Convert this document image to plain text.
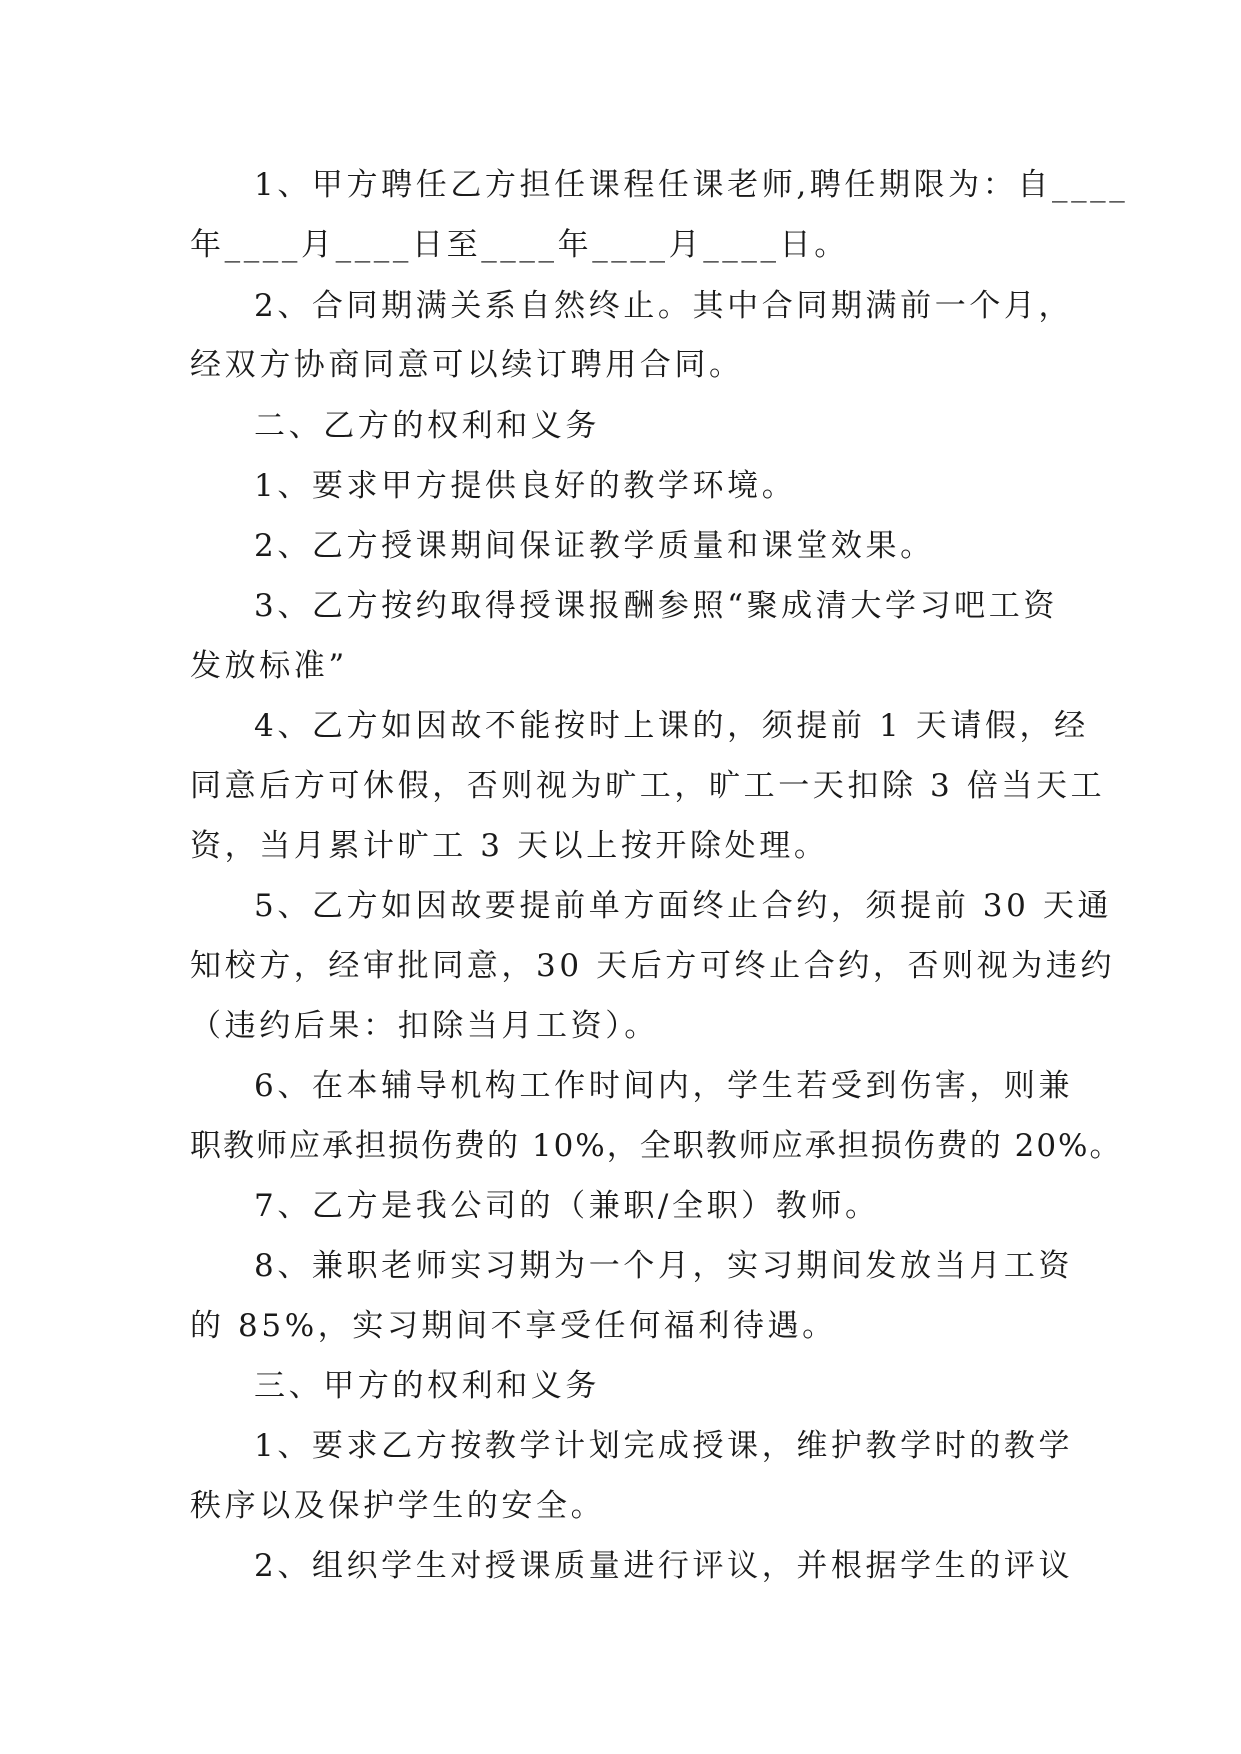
1、甲方聘任乙方担任课程任课老师,聘任期限为：自____
年____月____日至____年____月____日。
2、合同期满关系自然终止。其中合同期满前一个月，
经双方协商同意可以续订聘用合同。
二、乙方的权利和义务
1、要求甲方提供良好的教学环境。
2、乙方授课期间保证教学质量和课堂效果。
3、乙方按约取得授课报酬参照“聚成清大学习吧工资
发放标准”
4、乙方如因故不能按时上课的，须提前 1 天请假，经
同意后方可休假，否则视为旷工，旷工一天扣除 3 倍当天工
资，当月累计旷工 3 天以上按开除处理。
5、乙方如因故要提前单方面终止合约，须提前 30 天通
知校方，经审批同意，30 天后方可终止合约，否则视为违约
（违约后果：扣除当月工资）。
6、在本辅导机构工作时间内，学生若受到伤害，则兼
职教师应承担损伤费的 10%，全职教师应承担损伤费的 20%。
7、乙方是我公司的（兼职/全职）教师。
8、兼职老师实习期为一个月，实习期间发放当月工资
的 85%，实习期间不享受任何福利待遇。
三、甲方的权利和义务
1、要求乙方按教学计划完成授课，维护教学时的教学
秩序以及保护学生的安全。
2、组织学生对授课质量进行评议，并根据学生的评议
